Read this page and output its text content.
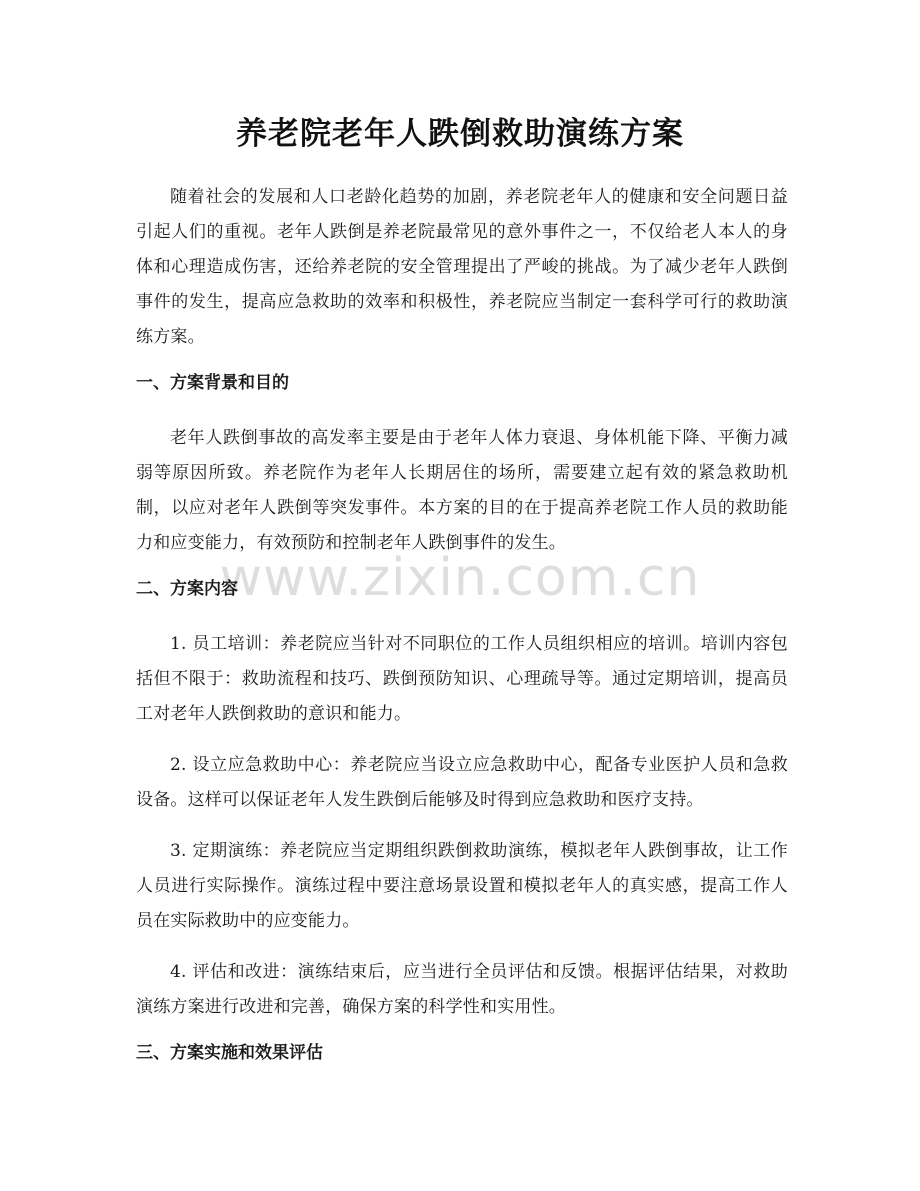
养老院老年人跌倒救助演练方案
www.zixin.com.cn

随着社会的发展和人口老龄化趋势的加剧，养老院老年人的健康和安全问题日益引起人们的重视。老年人跌倒是养老院最常见的意外事件之一，不仅给老人本人的身体和心理造成伤害，还给养老院的安全管理提出了严峻的挑战。为了减少老年人跌倒事件的发生，提高应急救助的效率和积极性，养老院应当制定一套科学可行的救助演练方案。

一、方案背景和目的

老年人跌倒事故的高发率主要是由于老年人体力衰退、身体机能下降、平衡力减弱等原因所致。养老院作为老年人长期居住的场所，需要建立起有效的紧急救助机制，以应对老年人跌倒等突发事件。本方案的目的在于提高养老院工作人员的救助能力和应变能力，有效预防和控制老年人跌倒事件的发生。

二、方案内容

1. 员工培训：养老院应当针对不同职位的工作人员组织相应的培训。培训内容包括但不限于：救助流程和技巧、跌倒预防知识、心理疏导等。通过定期培训，提高员工对老年人跌倒救助的意识和能力。

2. 设立应急救助中心：养老院应当设立应急救助中心，配备专业医护人员和急救设备。这样可以保证老年人发生跌倒后能够及时得到应急救助和医疗支持。

3. 定期演练：养老院应当定期组织跌倒救助演练，模拟老年人跌倒事故，让工作人员进行实际操作。演练过程中要注意场景设置和模拟老年人的真实感，提高工作人员在实际救助中的应变能力。

4. 评估和改进：演练结束后，应当进行全员评估和反馈。根据评估结果，对救助演练方案进行改进和完善，确保方案的科学性和实用性。

三、方案实施和效果评估
